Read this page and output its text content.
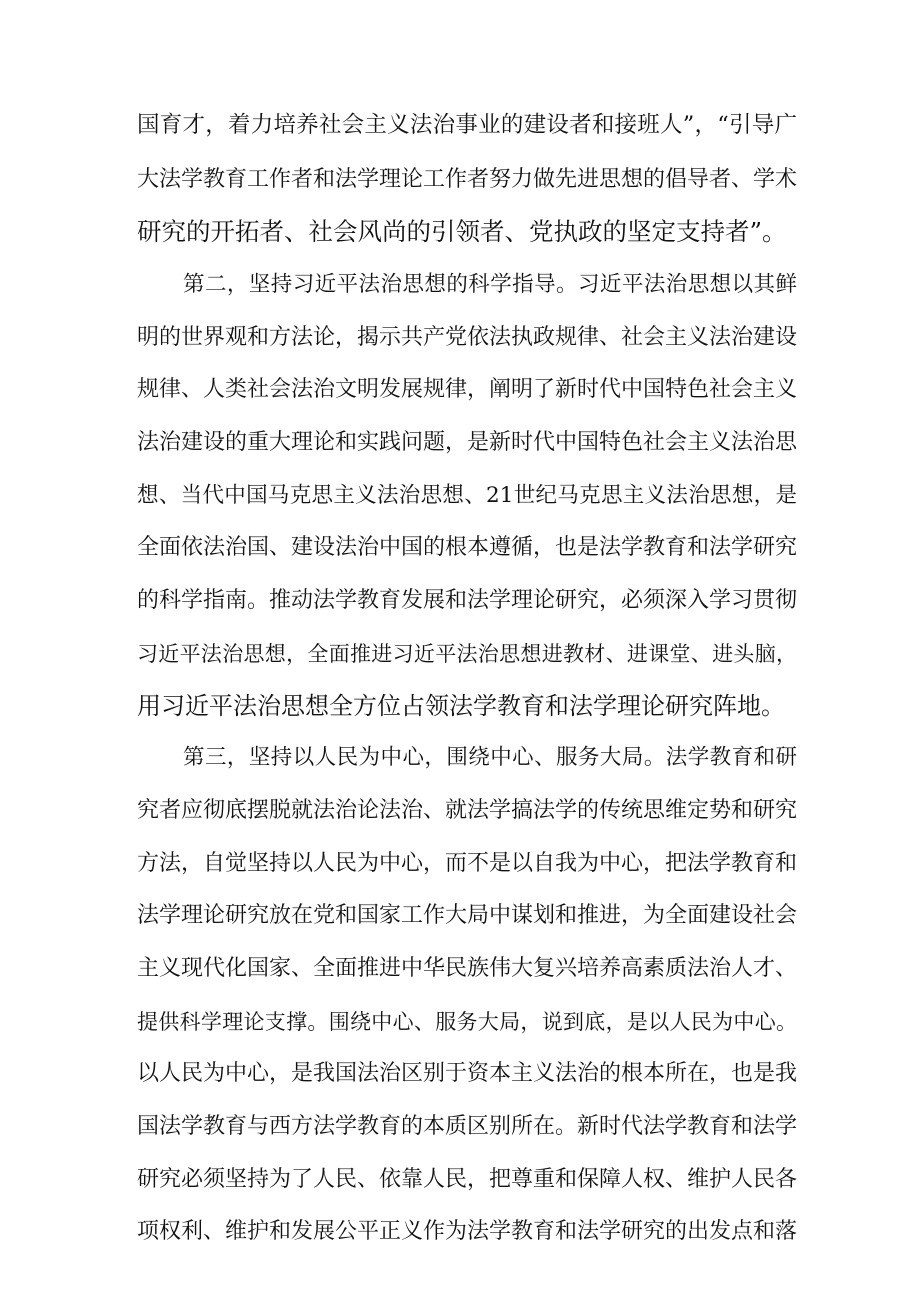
国育才，着力培养社会主义法治事业的建设者和接班人”，“引导广
大法学教育工作者和法学理论工作者努力做先进思想的倡导者、学术
研究的开拓者、社会风尚的引领者、党执政的坚定支持者”。
第二，坚持习近平法治思想的科学指导。习近平法治思想以其鲜
明的世界观和方法论，揭示共产党依法执政规律、社会主义法治建设
规律、人类社会法治文明发展规律，阐明了新时代中国特色社会主义
法治建设的重大理论和实践问题，是新时代中国特色社会主义法治思
想、当代中国马克思主义法治思想、21世纪马克思主义法治思想，是
全面依法治国、建设法治中国的根本遵循，也是法学教育和法学研究
的科学指南。推动法学教育发展和法学理论研究，必须深入学习贯彻
习近平法治思想，全面推进习近平法治思想进教材、进课堂、进头脑，
用习近平法治思想全方位占领法学教育和法学理论研究阵地。
第三，坚持以人民为中心，围绕中心、服务大局。法学教育和研
究者应彻底摆脱就法治论法治、就法学搞法学的传统思维定势和研究
方法，自觉坚持以人民为中心，而不是以自我为中心，把法学教育和
法学理论研究放在党和国家工作大局中谋划和推进，为全面建设社会
主义现代化国家、全面推进中华民族伟大复兴培养高素质法治人才、
提供科学理论支撑。围绕中心、服务大局，说到底，是以人民为中心。
以人民为中心，是我国法治区别于资本主义法治的根本所在，也是我
国法学教育与西方法学教育的本质区别所在。新时代法学教育和法学
研究必须坚持为了人民、依靠人民，把尊重和保障人权、维护人民各
项权利、维护和发展公平正义作为法学教育和法学研究的出发点和落
